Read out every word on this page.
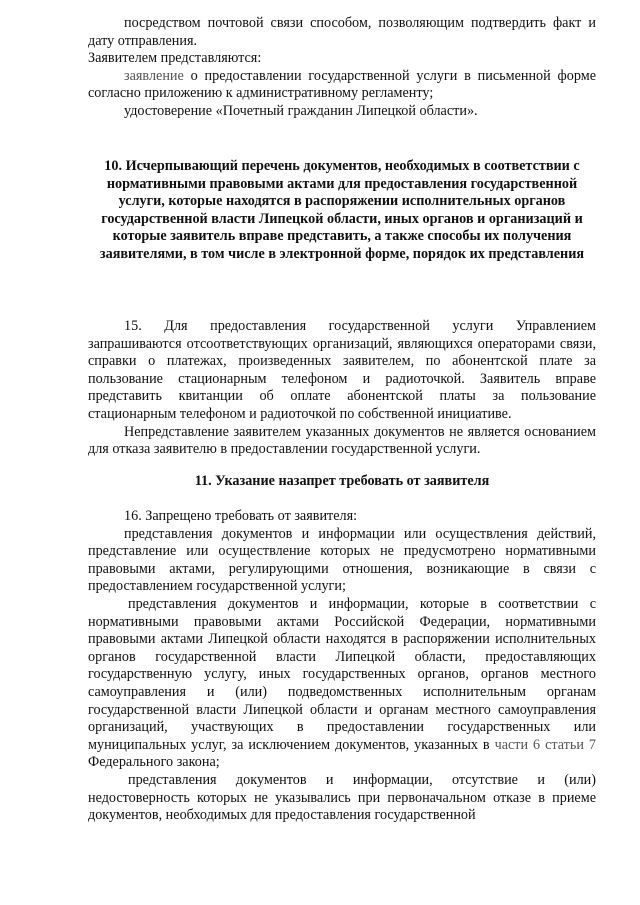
посредством почтовой связи способом, позволяющим подтвердить факт и дату отправления.

Заявителем представляются:

заявление о предоставлении государственной услуги в письменной форме согласно приложению к административному регламенту;

удостоверение «Почетный гражданин Липецкой области».

10. Исчерпывающий перечень документов, необходимых в соответствии с нормативными правовыми актами для предоставления государственной услуги, которые находятся в распоряжении исполнительных органов государственной власти Липецкой области, иных органов и организаций и которые заявитель вправе представить, а также способы их получения заявителями, в том числе в электронной форме, порядок их представления

15. Для предоставления государственной услуги Управлением запрашиваются отсоответствующих организаций, являющихся операторами связи, справки о платежах, произведенных заявителем, по абонентской плате за пользование стационарным телефоном и радиоточкой. Заявитель вправе представить квитанции об оплате абонентской платы за пользование стационарным телефоном и радиоточкой по собственной инициативе.

Непредставление заявителем указанных документов не является основанием для отказа заявителю в предоставлении государственной услуги.

11. Указание назапрет требовать от заявителя

16. Запрещено требовать от заявителя:

представления документов и информации или осуществления действий, представление или осуществление которых не предусмотрено нормативными правовыми актами, регулирующими отношения, возникающие в связи с предоставлением государственной услуги;

представления документов и информации, которые в соответствии с нормативными правовыми актами Российской Федерации, нормативными правовыми актами Липецкой области находятся в распоряжении исполнительных органов государственной власти Липецкой области, предоставляющих государственную услугу, иных государственных органов, органов местного самоуправления и (или) подведомственных исполнительным органам государственной власти Липецкой области и органам местного самоуправления организаций, участвующих в предоставлении государственных или муниципальных услуг, за исключением документов, указанных в части 6 статьи 7 Федерального закона;

представления документов и информации, отсутствие и (или) недостоверность которых не указывались при первоначальном отказе в приеме документов, необходимых для предоставления государственной
